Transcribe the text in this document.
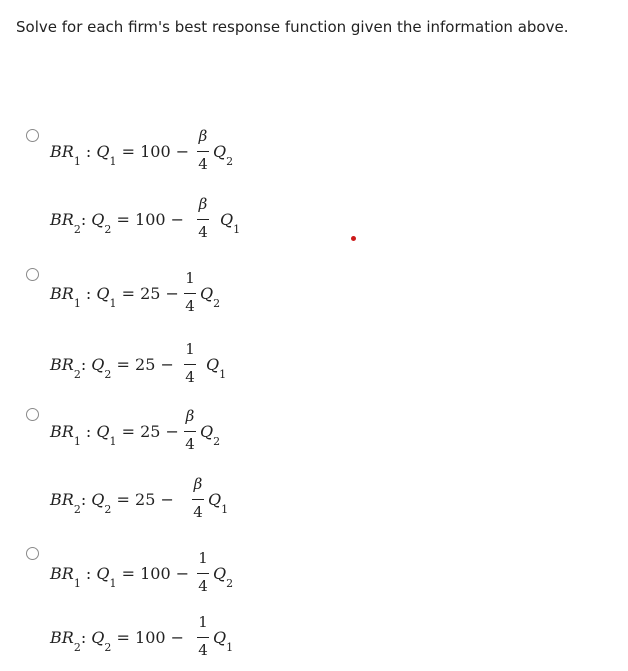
Solve for each firm's best response function given the information above.
$BR_1$ : $Q_1 = 100$ −
β
4
$Q_2$
$BR_2$: $Q_2 = 100$ −
β
4
$Q_1$
$BR_1$ : $Q_1 = 25$ −
1
4
$Q_2$
$BR_2$: $Q_2 = 25$ −
1
4
$Q_1$
$BR_1$ : $Q_1 = 25$ −
β
4
$Q_2$
$BR_2$: $Q_2 = 25$ −
β
4
$Q_1$
$BR_1$ : $Q_1 = 100$ −
1
4
$Q_2$
$BR_2$: $Q_2 = 100$ −
1
4
$Q_1$
